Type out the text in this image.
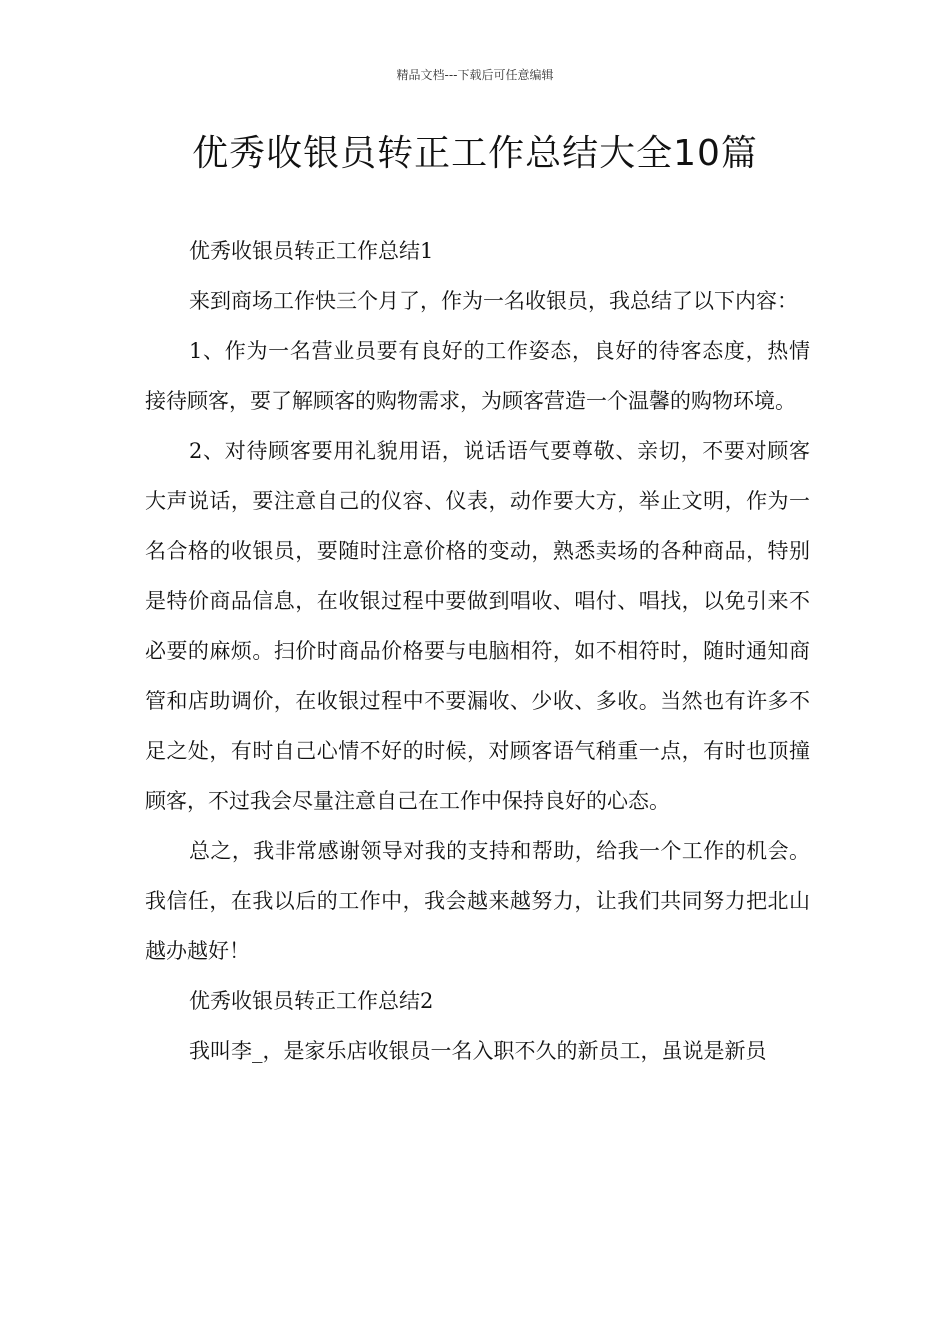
精品文档---下载后可任意编辑
优秀收银员转正工作总结大全10篇

优秀收银员转正工作总结1

来到商场工作快三个月了，作为一名收银员，我总结了以下内容：

1、作为一名营业员要有良好的工作姿态，良好的待客态度，热情接待顾客，要了解顾客的购物需求，为顾客营造一个温馨的购物环境。

2、对待顾客要用礼貌用语，说话语气要尊敬、亲切，不要对顾客大声说话，要注意自己的仪容、仪表，动作要大方，举止文明，作为一名合格的收银员，要随时注意价格的变动，熟悉卖场的各种商品，特别是特价商品信息，在收银过程中要做到唱收、唱付、唱找，以免引来不必要的麻烦。扫价时商品价格要与电脑相符，如不相符时，随时通知商管和店助调价，在收银过程中不要漏收、少收、多收。当然也有许多不足之处，有时自己心情不好的时候，对顾客语气稍重一点，有时也顶撞顾客，不过我会尽量注意自己在工作中保持良好的心态。

总之，我非常感谢领导对我的支持和帮助，给我一个工作的机会。我信任，在我以后的工作中，我会越来越努力，让我们共同努力把北山越办越好！

优秀收银员转正工作总结2

我叫李_，是家乐店收银员一名入职不久的新员工，虽说是新员
